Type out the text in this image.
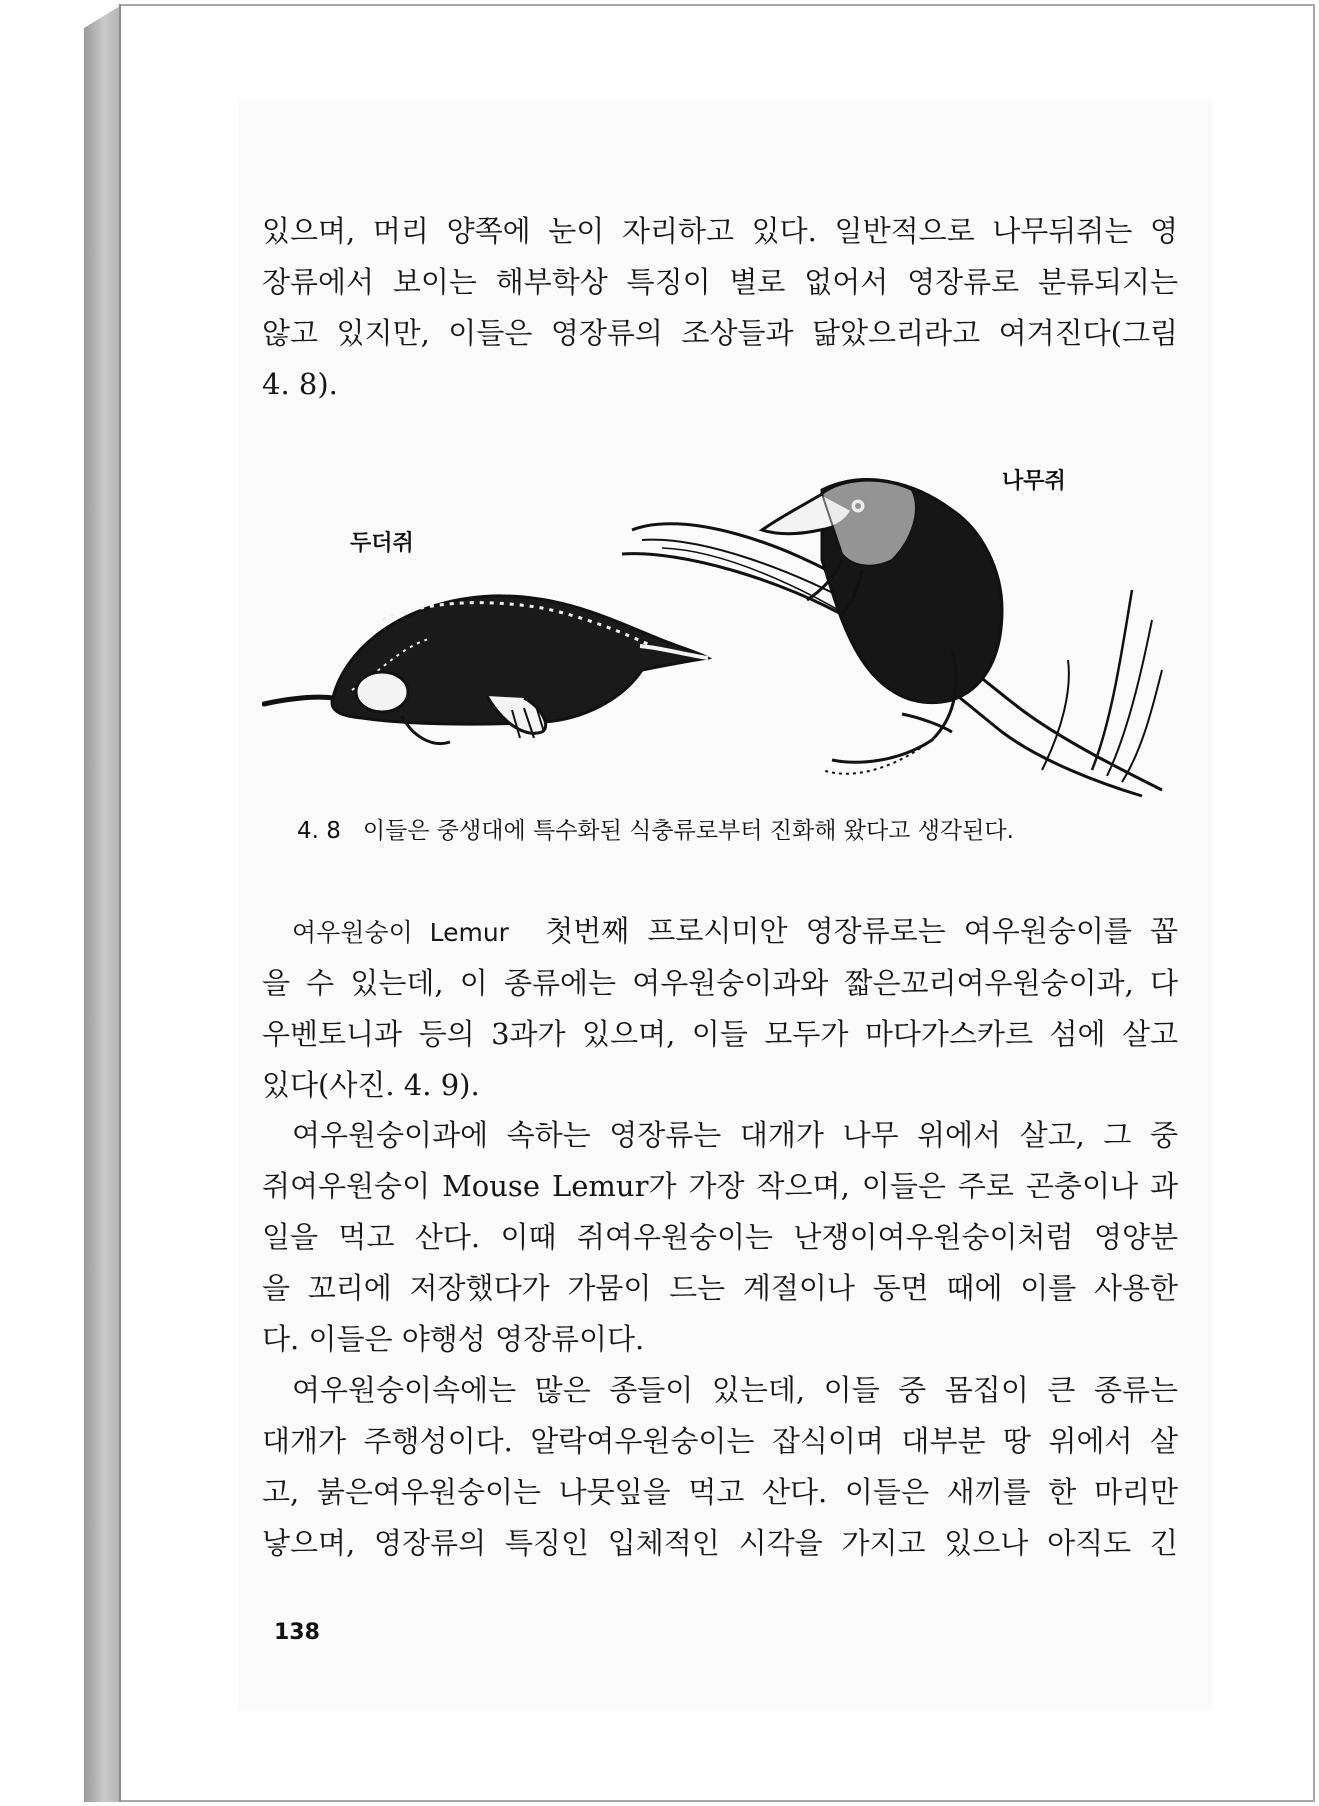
있으며, 머리 양쪽에 눈이 자리하고 있다. 일반적으로 나무뒤쥐는 영
장류에서 보이는 해부학상 특징이 별로 없어서 영장류로 분류되지는
않고 있지만, 이들은 영장류의 조상들과 닮았으리라고 여겨진다(그림
4. 8).
두더쥐
나무쥐
4. 8 이들은 중생대에 특수화된 식충류로부터 진화해 왔다고 생각된다.
여우원숭이 Lemur 첫번째 프로시미안 영장류로는 여우원숭이를 꼽
을 수 있는데, 이 종류에는 여우원숭이과와 짧은꼬리여우원숭이과, 다
우벤토니과 등의 3과가 있으며, 이들 모두가 마다가스카르 섬에 살고
있다(사진. 4. 9).
여우원숭이과에 속하는 영장류는 대개가 나무 위에서 살고, 그 중
쥐여우원숭이 Mouse Lemur가 가장 작으며, 이들은 주로 곤충이나 과
일을 먹고 산다. 이때 쥐여우원숭이는 난쟁이여우원숭이처럼 영양분
을 꼬리에 저장했다가 가뭄이 드는 계절이나 동면 때에 이를 사용한
다. 이들은 야행성 영장류이다.
여우원숭이속에는 많은 종들이 있는데, 이들 중 몸집이 큰 종류는
대개가 주행성이다. 알락여우원숭이는 잡식이며 대부분 땅 위에서 살
고, 붉은여우원숭이는 나뭇잎을 먹고 산다. 이들은 새끼를 한 마리만
낳으며, 영장류의 특징인 입체적인 시각을 가지고 있으나 아직도 긴
138
